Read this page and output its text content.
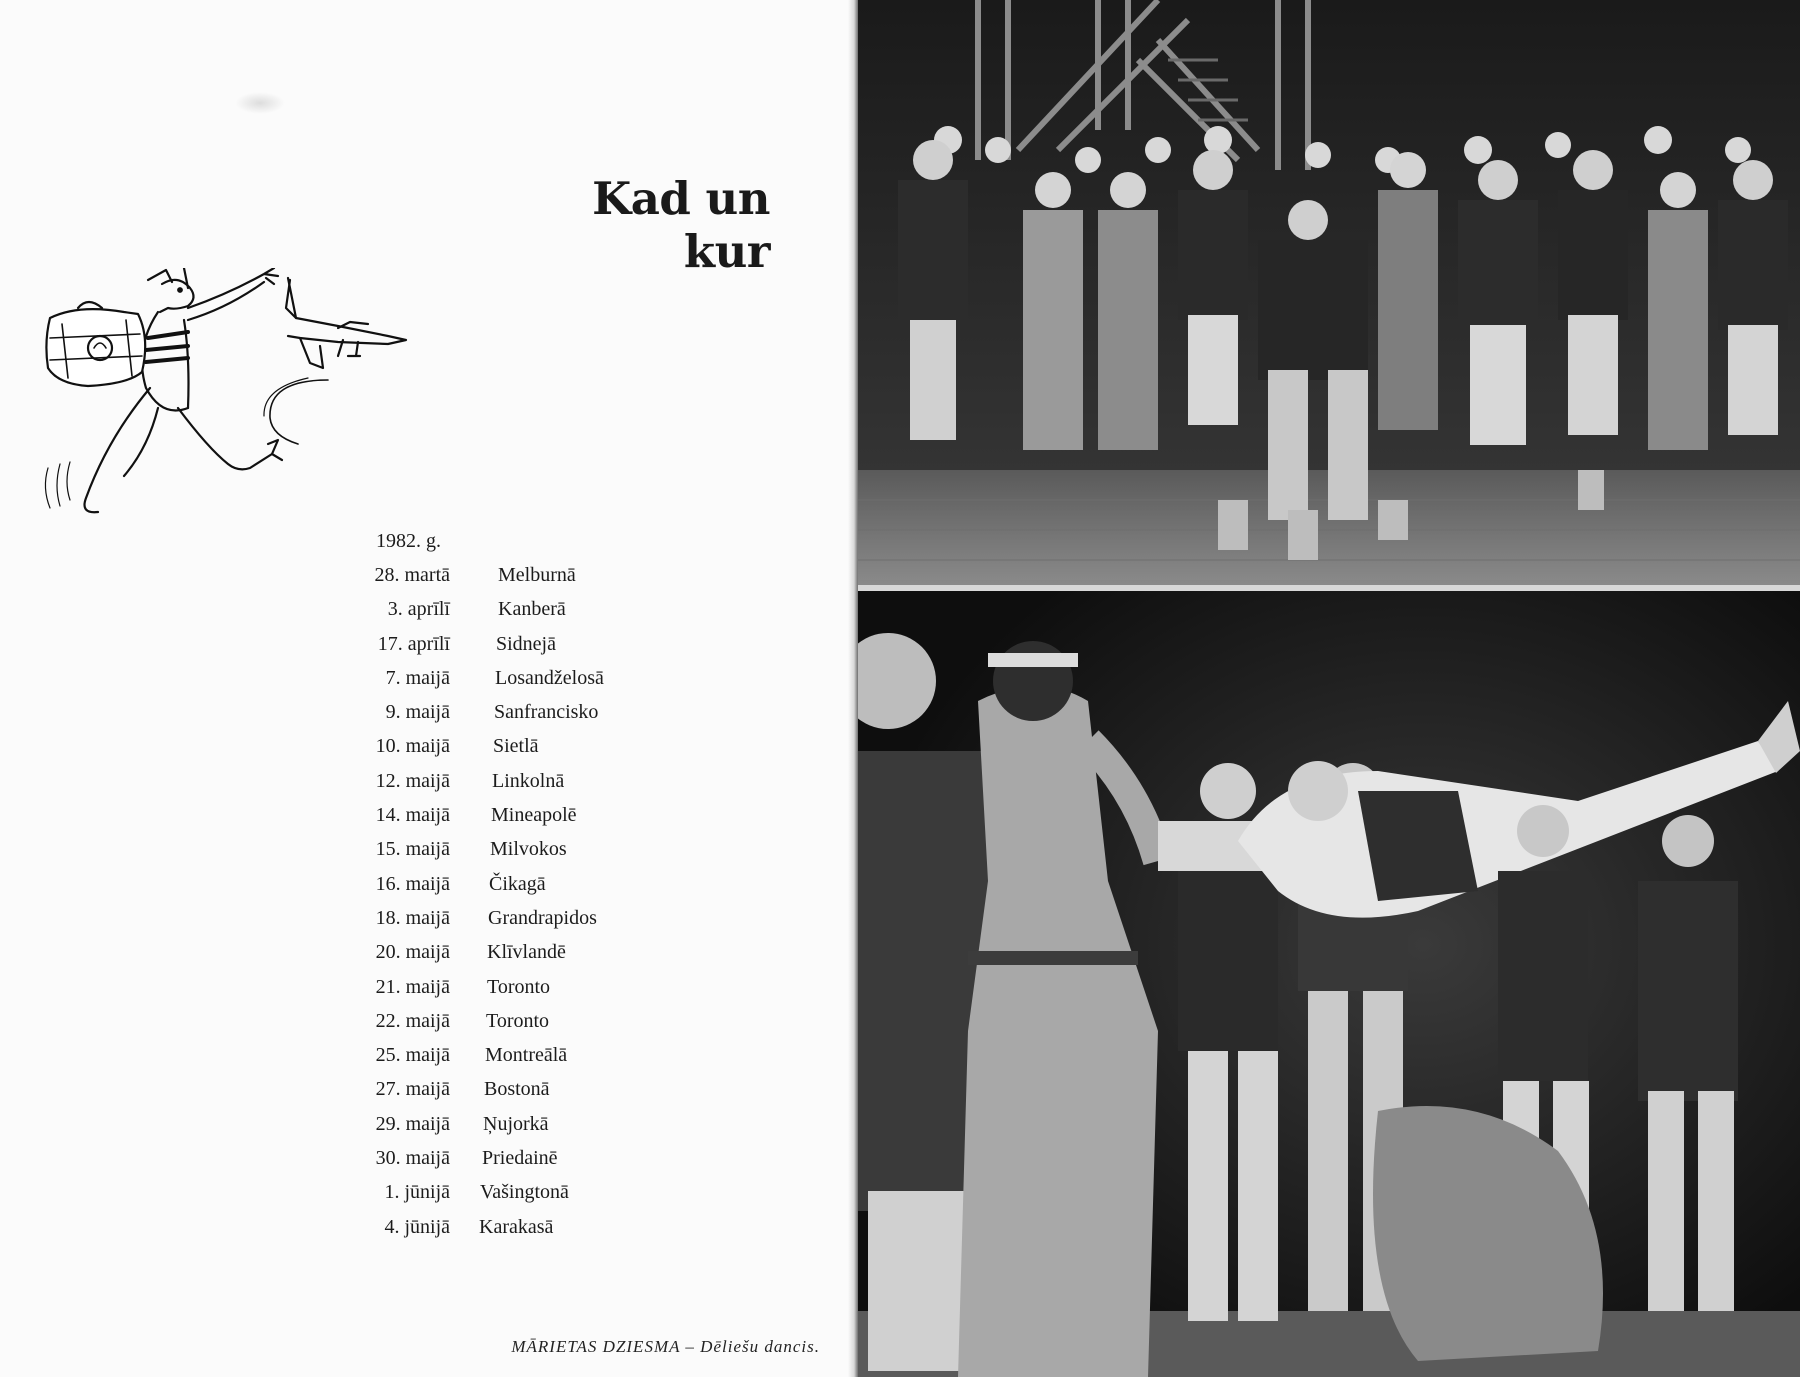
Kad un kur
1982. g.
28. martā Melburnā
3. aprīlī Kanberā
17. aprīlī Sidnejā
7. maijā Losandželosā
9. maijā Sanfrancisko
10. maijā Sietlā
12. maijā Linkolnā
14. maijā Mineapolē
15. maijā Milvokos
16. maijā Čikagā
18. maijā Grandrapidos
20. maijā Klīvlandē
21. maijā Toronto
22. maijā Toronto
25. maijā Montreālā
27. maijā Bostonā
29. maijā Ņujorkā
30. maijā Priedainē
1. jūnijā Vašingtonā
4. jūnijā Karakasā
MĀRIETAS DZIESMA – Dēliešu dancis.
